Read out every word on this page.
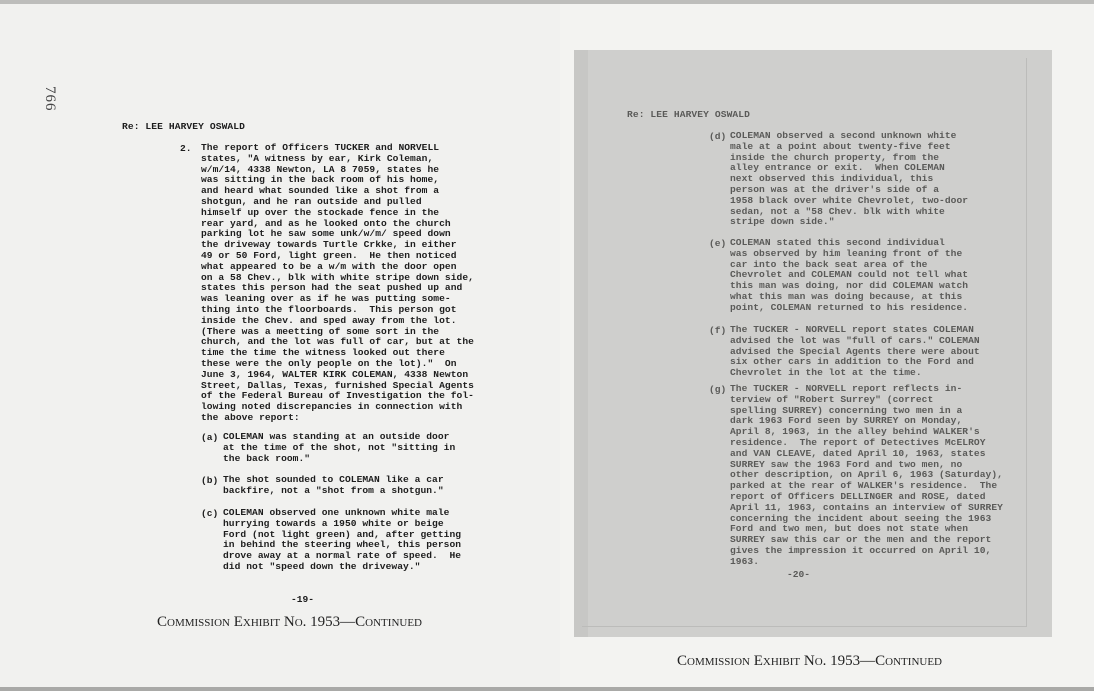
766
Re: LEE HARVEY OSWALD
2. The report of Officers TUCKER and NORVELL
states, "A witness by ear, Kirk Coleman,
w/m/14, 4338 Newton, LA 8 7059, states he
was sitting in the back room of his home,
and heard what sounded like a shot from a
shotgun, and he ran outside and pulled
himself up over the stockade fence in the
rear yard, and as he looked onto the church
parking lot he saw some unk/w/m/ speed down
the driveway towards Turtle Crkke, in either
49 or 50 Ford, light green.  He then noticed
what appeared to be a w/m with the door open
on a 58 Chev., blk with white stripe down side,
states this person had the seat pushed up and
was leaning over as if he was putting some-
thing into the floorboards.  This person got
inside the Chev. and sped away from the lot.
(There was a meetting of some sort in the
church, and the lot was full of car, but at the
time the time the witness looked out there
these were the only people on the lot)."  On
June 3, 1964, WALTER KIRK COLEMAN, 4338 Newton
Street, Dallas, Texas, furnished Special Agents
of the Federal Bureau of Investigation the fol-
lowing noted discrepancies in connection with
the above report:
(a) COLEMAN was standing at an outside door
at the time of the shot, not "sitting in
the back room."
(b) The shot sounded to COLEMAN like a car
backfire, not a "shot from a shotgun."
(c) COLEMAN observed one unknown white male
hurrying towards a 1950 white or beige
Ford (not light green) and, after getting
in behind the steering wheel, this person
drove away at a normal rate of speed.  He
did not "speed down the driveway."
-19-
Commission Exhibit No. 1953—Continued
Re: LEE HARVEY OSWALD
(d) COLEMAN observed a second unknown white
male at a point about twenty-five feet
inside the church property, from the
alley entrance or exit.  When COLEMAN
next observed this individual, this
person was at the driver's side of a
1958 black over white Chevrolet, two-door
sedan, not a "58 Chev. blk with white
stripe down side."
(e) COLEMAN stated this second individual
was observed by him leaning front of the
car into the back seat area of the
Chevrolet and COLEMAN could not tell what
this man was doing, nor did COLEMAN watch
what this man was doing because, at this
point, COLEMAN returned to his residence.
(f) The TUCKER - NORVELL report states COLEMAN
advised the lot was "full of cars." COLEMAN
advised the Special Agents there were about
six other cars in addition to the Ford and
Chevrolet in the lot at the time.
(g) The TUCKER - NORVELL report reflects in-
terview of "Robert Surrey" (correct
spelling SURREY) concerning two men in a
dark 1963 Ford seen by SURREY on Monday,
April 8, 1963, in the alley behind WALKER's
residence.  The report of Detectives McELROY
and VAN CLEAVE, dated April 10, 1963, states
SURREY saw the 1963 Ford and two men, no
other description, on April 6, 1963 (Saturday),
parked at the rear of WALKER's residence.  The
report of Officers DELLINGER and ROSE, dated
April 11, 1963, contains an interview of SURREY
concerning the incident about seeing the 1963
Ford and two men, but does not state when
SURREY saw this car or the men and the report
gives the impression it occurred on April 10,
1963.
-20-
Commission Exhibit No. 1953—Continued
